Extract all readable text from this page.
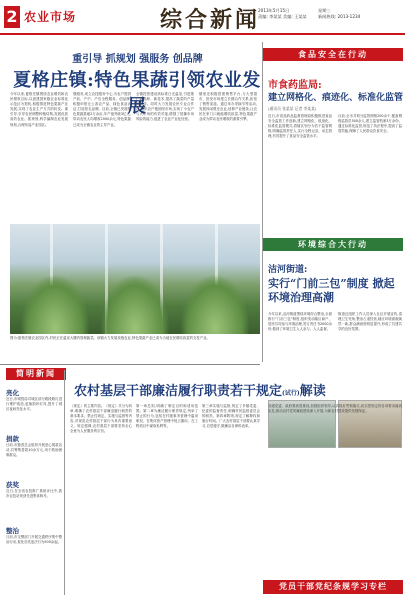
2 农业市场	综合新闻
2013年5月15日
责编: 李某某 美编: 王某某
星期三
新闻热线: 2013-1234
重引导 抓规划 强服务 创品牌
夏格庄镇:特色果蔬引领农业发展
今年以来,夏格庄镇围绕农业增效和农民增收目标,以创建国家级农业标准化示范区为契机,积极推进特色果蔬产业发展,实现了农业生产方式的转变。重引导,引导农民调整种植结构,发展优质高效农业。抓规划,科学编制农业发展规划,合理布局产业园区。
强服务,成立农技服务中心,为农户提供产前、产中、产后全程服务。创品牌,积极申报无公害农产品、绿色食品认证,打造知名品牌。目前,全镇已发展特色果蔬基地2万余亩,年产值突破3亿元,带动农民人均增收2000余元,特色果蔬已成为全镇农业的主导产业。
全镇投资建设高标准日光温室,引进推广新品种、新技术,提高了蔬菜的产量和品质。同时大力发展农民专业合作社,组织农户抱团闯市场,实现了小农户与大市场的有效对接,增强了抵御市场风险的能力,促进了农业产业化经营。
镇里还积极搭建销售平台,与大型超市、批发市场建立长期合作关系,拓宽了销售渠道。通过举办采摘节等活动,发展休闲观光农业,延伸产业链条,让农民在家门口就能增收致富,特色果蔬产业成为带动农民增收的重要引擎。
图为:夏格庄镇农业园区内,村民正在温室大棚内管理蔬菜。该镇大力发展设施农业,特色果蔬产业已成为当地农民增收致富的支柱产业。
食品安全在行动
市食药监局:
建立网格化、痕迹化、标准化监管
(通讯员 张某某 记者 李某某)
近日,市食品药品监督管理局积极推进食品安全监管工作创新,建立网格化、痕迹化、标准化监管模式,将辖区划分为若干监管网格,明确监管责任人,实行全程记录、动态管理,有效提升了食品安全监管水平。
目前,全市共划分监管网格200余个,配备网格监管员500余人,建立监管档案3万余份。通过标准化监管,规范了执法程序,提高了监管效能,保障了人民群众饮食安全。
环境综合大行动
洁河街道:
实行“门前三包”制度 掀起环境治理高潮
今年以来,洁河街道围绕环境综合整治,全面推行“门前三包”制度,组织发动辖区商户、居民共同参与环境治理,签订责任书2000余份,做到了环境卫生人人参与、人人监督。
街道还组织工作人员深入社区开展宣传,清理卫生死角,整治占道经营,辖区环境面貌焕然一新,群众满意度明显提升,形成了共建共享的良好氛围。
简明新闻
亮化
近日,市城管局对城区部分路段路灯进行维护改造,更换损坏灯具,提升了城区夜间亮化水平。
捐款
日前,市慈善总会组织开展爱心捐款活动,共筹集善款10余万元,用于救助困难群众。
获奖
近日,在全省农技推广系统评比中,我市农技站荣获先进集体称号。
整治
日前,市交警部门开展交通秩序集中整治行动,查处各类违法行为500余起。
农村基层干部廉洁履行职责若干规定(试行)解读
《规定》的主要内容。《规定》共分为四章,明确了农村基层干部廉洁履行职责的基本要求、禁止性规定、实施与监督等内容,对规范农村基层干部行为具有重要意义。规定强调,农村基层干部要坚持全心全意为人民服务的宗旨。
第一章总则,明确了制定目的和适用范围。第二章为廉洁履行职责规定,列举了禁止的行为,包括在村级事务管理中滥用职权、在集体资产管理中侵占挪用、在工程项目中谋取私利等。
第三章实施与监督,规定了乡镇党委、纪委的监督责任,明确村民监督委员会的职责。第四章附则,规定了解释权和施行时间。广大农村基层干部要认真学习,自觉遵守,做廉洁自律的表率。
各级党委、政府要高度重视,加强组织领导,认真抓好贯彻落实,切实把规定的各项要求落到实处,推动农村党风廉政建设深入开展,为新农村建设提供坚强保证。
党员干部党纪条规学习专栏
